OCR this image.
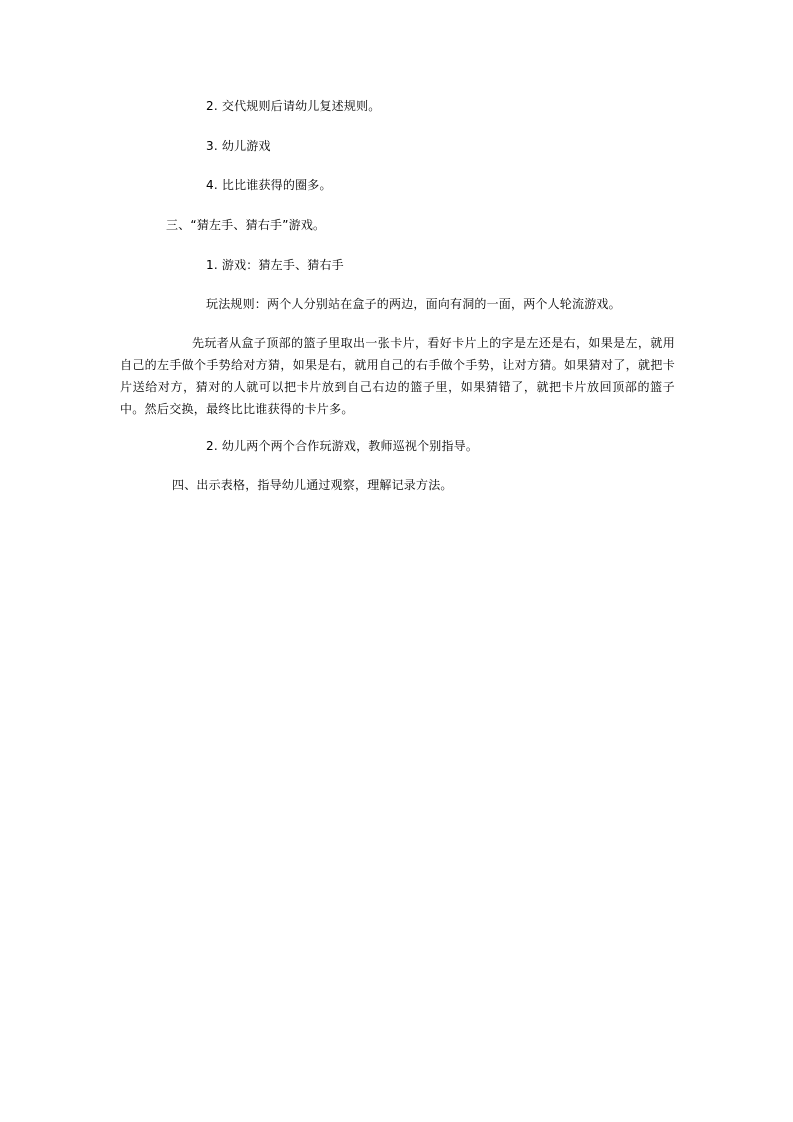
2. 交代规则后请幼儿复述规则。

3. 幼儿游戏

4. 比比谁获得的圈多。

三、“猜左手、猜右手”游戏。

1. 游戏：猜左手、猜右手

玩法规则：两个人分别站在盒子的两边，面向有洞的一面，两个人轮流游戏。

先玩者从盒子顶部的篮子里取出一张卡片，看好卡片上的字是左还是右，如果是左，就用自己的左手做个手势给对方猜，如果是右，就用自己的右手做个手势，让对方猜。如果猜对了，就把卡片送给对方，猜对的人就可以把卡片放到自己右边的篮子里，如果猜错了，就把卡片放回顶部的篮子中。然后交换，最终比比谁获得的卡片多。

2. 幼儿两个两个合作玩游戏，教师巡视个别指导。

四、出示表格，指导幼儿通过观察，理解记录方法。
